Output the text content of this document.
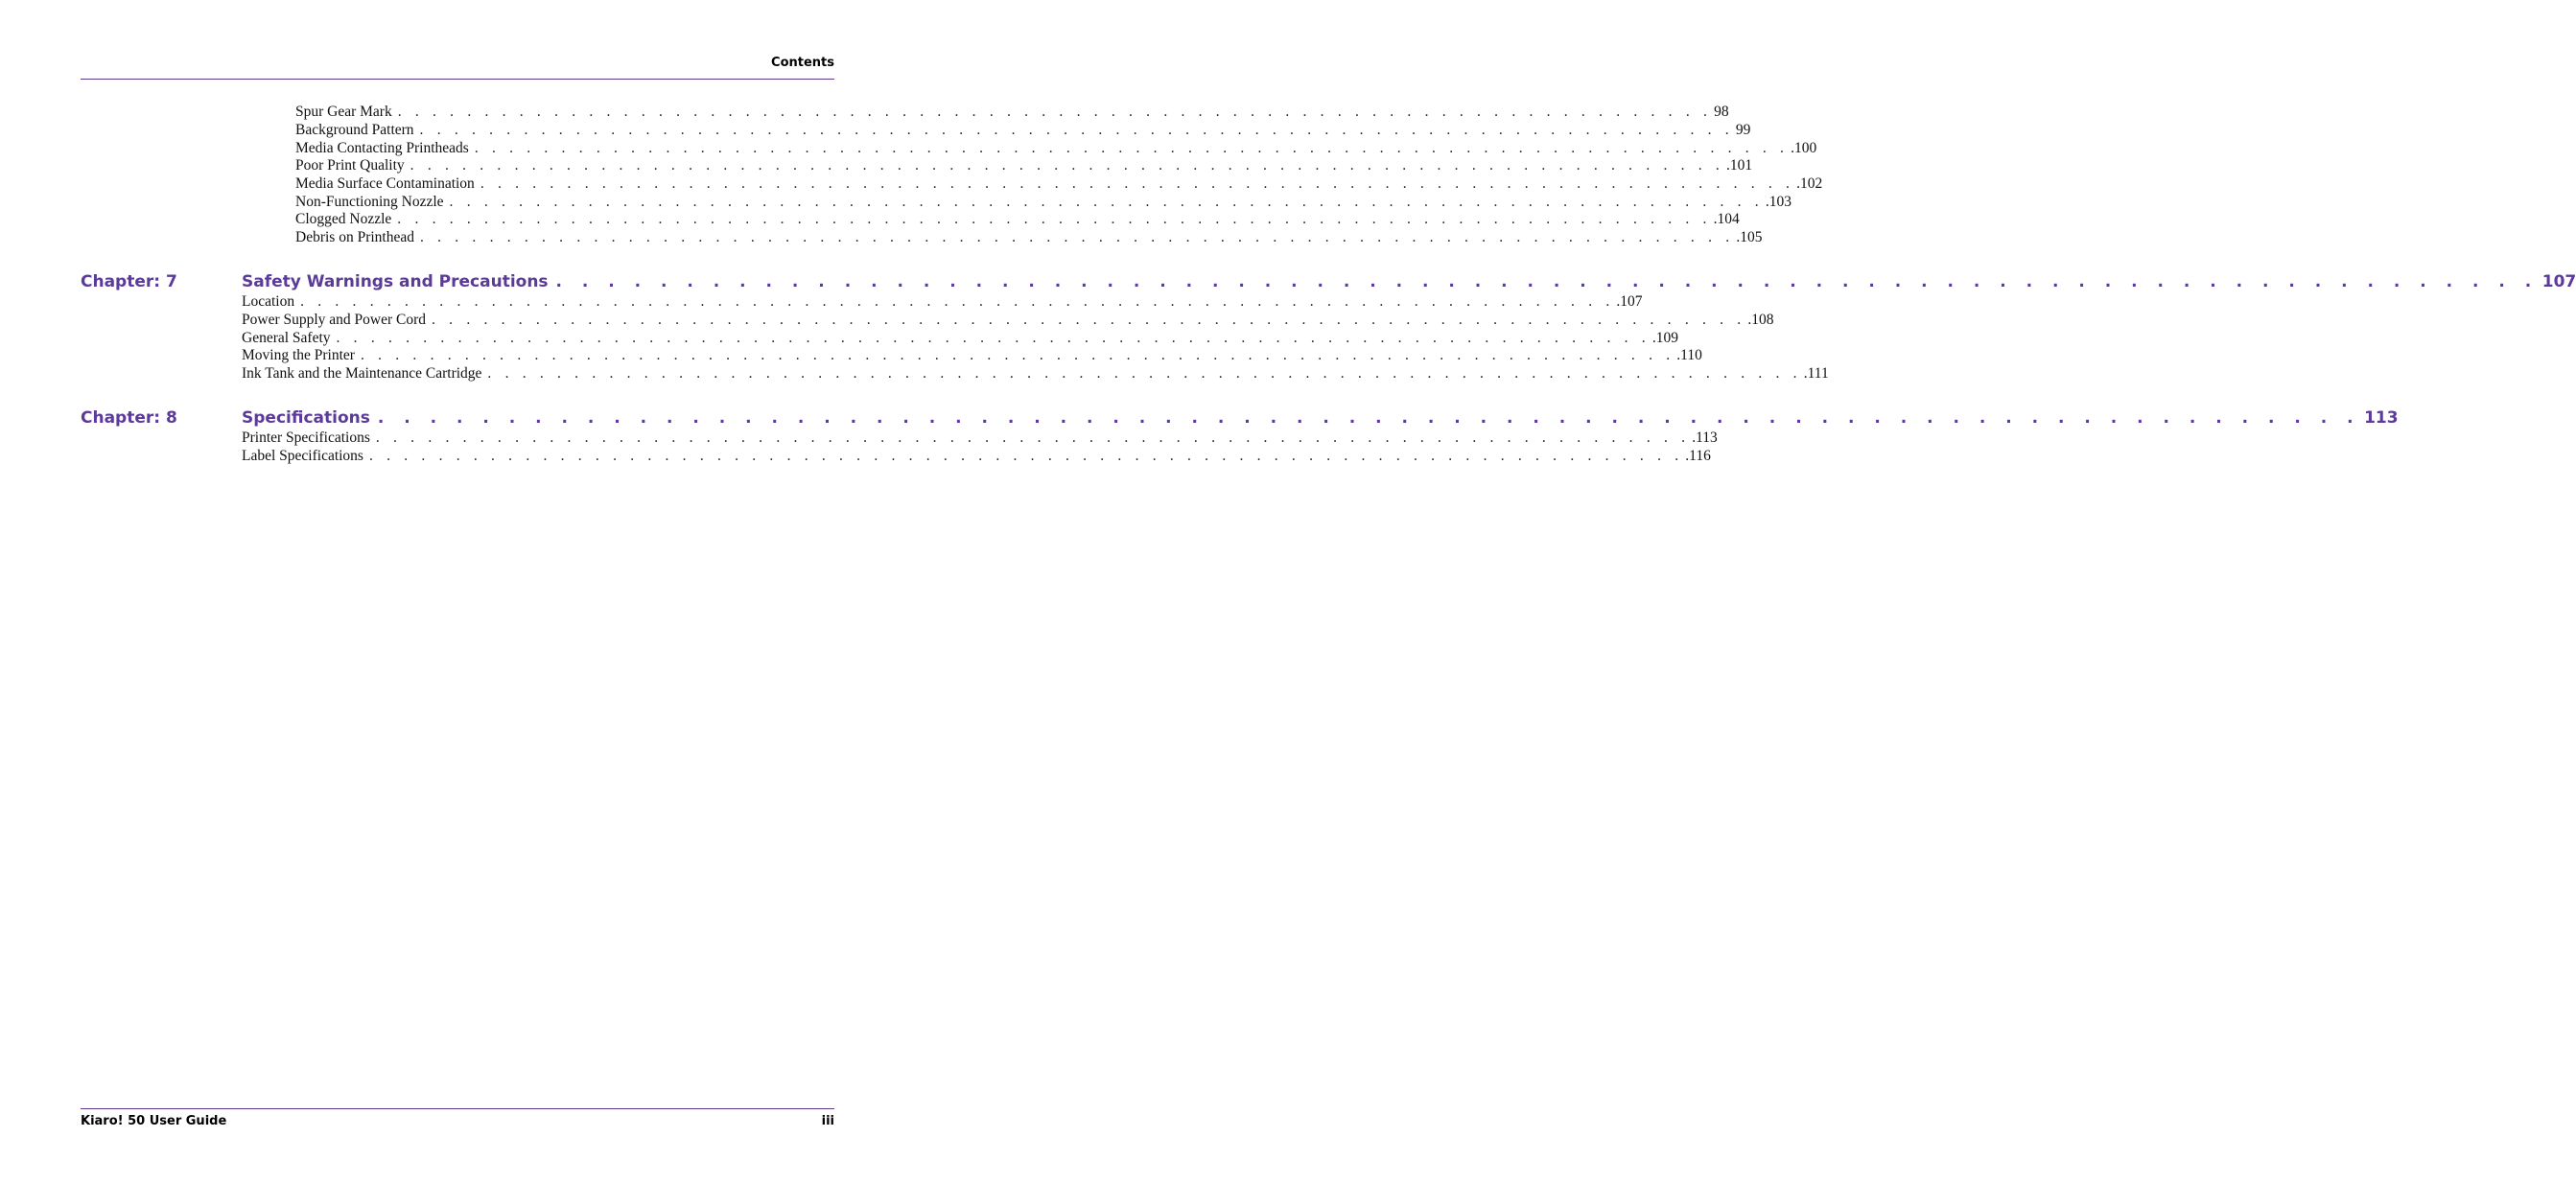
Contents
Spur Gear Mark . . . . . . . . . . . . . . . . . . . . . . . . . . . . . . . . . . . . . . . . . . . . . . . . . . . . . . . . . . . . . . . . . . . . . . . . . . . . 98
Background Pattern . . . . . . . . . . . . . . . . . . . . . . . . . . . . . . . . . . . . . . . . . . . . . . . . . . . . . . . . . . . . . . . . . . . . . . . . . . . . 99
Media Contacting Printheads . . . . . . . . . . . . . . . . . . . . . . . . . . . . . . . . . . . . . . . . . . . . . . . . . . . . . . . . . . . . . . . . . . . . . . . . . . . . .100
Poor Print Quality . . . . . . . . . . . . . . . . . . . . . . . . . . . . . . . . . . . . . . . . . . . . . . . . . . . . . . . . . . . . . . . . . . . . . . . . . . . . .101
Media Surface Contamination . . . . . . . . . . . . . . . . . . . . . . . . . . . . . . . . . . . . . . . . . . . . . . . . . . . . . . . . . . . . . . . . . . . . . . . . . . . . .102
Non-Functioning Nozzle . . . . . . . . . . . . . . . . . . . . . . . . . . . . . . . . . . . . . . . . . . . . . . . . . . . . . . . . . . . . . . . . . . . . . . . . . . . . .103
Clogged Nozzle . . . . . . . . . . . . . . . . . . . . . . . . . . . . . . . . . . . . . . . . . . . . . . . . . . . . . . . . . . . . . . . . . . . . . . . . . . . . .104
Debris on Printhead . . . . . . . . . . . . . . . . . . . . . . . . . . . . . . . . . . . . . . . . . . . . . . . . . . . . . . . . . . . . . . . . . . . . . . . . . . . . .105
Chapter: 7	Safety Warnings and Precautions . . . . . . . . . . . . . . . . . . . . . . . . . . . . . . . . . . . . . . . . . . . . . . . . . . . . . . . . . . . . . . . . . . . . . . . . . . . . 107
Location . . . . . . . . . . . . . . . . . . . . . . . . . . . . . . . . . . . . . . . . . . . . . . . . . . . . . . . . . . . . . . . . . . . . . . . . . . . . .107
Power Supply and Power Cord . . . . . . . . . . . . . . . . . . . . . . . . . . . . . . . . . . . . . . . . . . . . . . . . . . . . . . . . . . . . . . . . . . . . . . . . . . . . .108
General Safety . . . . . . . . . . . . . . . . . . . . . . . . . . . . . . . . . . . . . . . . . . . . . . . . . . . . . . . . . . . . . . . . . . . . . . . . . . . . .109
Moving the Printer . . . . . . . . . . . . . . . . . . . . . . . . . . . . . . . . . . . . . . . . . . . . . . . . . . . . . . . . . . . . . . . . . . . . . . . . . . . . .110
Ink Tank and the Maintenance Cartridge . . . . . . . . . . . . . . . . . . . . . . . . . . . . . . . . . . . . . . . . . . . . . . . . . . . . . . . . . . . . . . . . . . . . . . . . . . . . .111
Chapter: 8	Specifications . . . . . . . . . . . . . . . . . . . . . . . . . . . . . . . . . . . . . . . . . . . . . . . . . . . . . . . . . . . . . . . . . . . . . . . . . . . . 113
Printer Specifications . . . . . . . . . . . . . . . . . . . . . . . . . . . . . . . . . . . . . . . . . . . . . . . . . . . . . . . . . . . . . . . . . . . . . . . . . . . . .113
Label Specifications . . . . . . . . . . . . . . . . . . . . . . . . . . . . . . . . . . . . . . . . . . . . . . . . . . . . . . . . . . . . . . . . . . . . . . . . . . . . .116
Kiaro! 50 User Guide	iii
